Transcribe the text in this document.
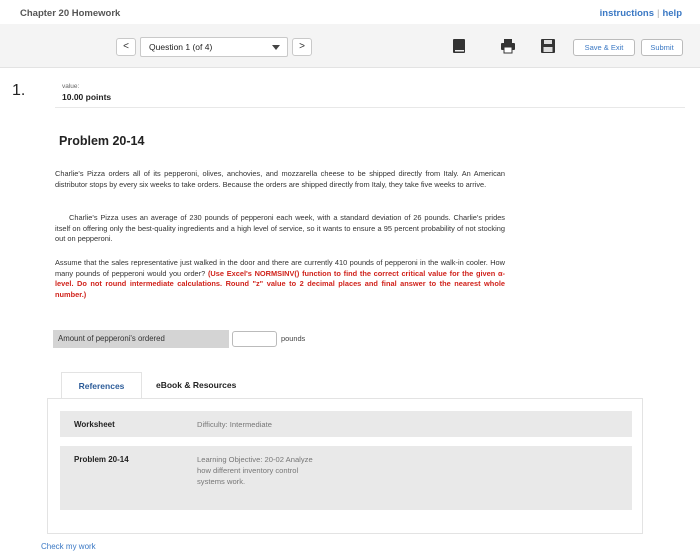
Chapter 20 Homework	instructions | help
<	Question 1 (of 4)	>	Save & Exit	Submit
1.	value:
10.00 points
Problem 20-14

Charlie's Pizza orders all of its pepperoni, olives, anchovies, and mozzarella cheese to be shipped directly from Italy. An American distributor stops by every six weeks to take orders. Because the orders are shipped directly from Italy, they take five weeks to arrive.

Charlie's Pizza uses an average of 230 pounds of pepperoni each week, with a standard deviation of 26 pounds. Charlie's prides itself on offering only the best-quality ingredients and a high level of service, so it wants to ensure a 95 percent probability of not stocking out on pepperoni.

Assume that the sales representative just walked in the door and there are currently 410 pounds of pepperoni in the walk-in cooler. How many pounds of pepperoni would you order? (Use Excel's NORMSINV() function to find the correct critical value for the given α-level. Do not round intermediate calculations. Round "z" value to 2 decimal places and final answer to the nearest whole number.)

Amount of pepperoni's ordered	pounds
References	eBook & Resources
Worksheet	Difficulty: Intermediate
Problem 20-14	Learning Objective: 20-02 Analyze how different inventory control systems work.
Check my work
